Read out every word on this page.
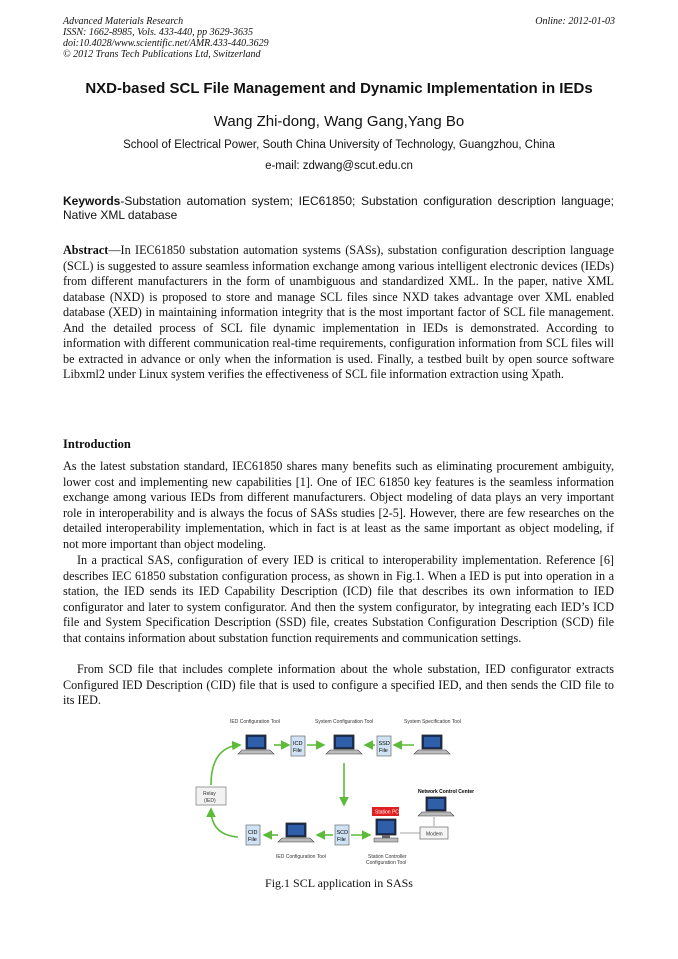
Advanced Materials Research
ISSN: 1662-8985, Vols. 433-440, pp 3629-3635
doi:10.4028/www.scientific.net/AMR.433-440.3629
© 2012 Trans Tech Publications Ltd, Switzerland
Online: 2012-01-03
NXD-based SCL File Management and Dynamic Implementation in IEDs
Wang Zhi-dong, Wang Gang,Yang Bo
School of Electrical Power, South China University of Technology, Guangzhou, China
e-mail: zdwang@scut.edu.cn
Keywords-Substation automation system; IEC61850; Substation configuration description language; Native XML database

Abstract—In IEC61850 substation automation systems (SASs), substation configuration description language (SCL) is suggested to assure seamless information exchange among various intelligent electronic devices (IEDs) from different manufacturers in the form of unambiguous and standardized XML. In the paper, native XML database (NXD) is proposed to store and manage SCL files since NXD takes advantage over XML enabled database (XED) in maintaining information integrity that is the most important factor of SCL file management. And the detailed process of SCL file dynamic implementation in IEDs is demonstrated. According to information with different communication real-time requirements, configuration information from SCL files will be extracted in advance or only when the information is used. Finally, a testbed built by open source software Libxml2 under Linux system verifies the effectiveness of SCL file information extraction using Xpath.

Introduction

As the latest substation standard, IEC61850 shares many benefits such as eliminating procurement ambiguity, lower cost and implementing new capabilities [1]. One of IEC 61850 key features is the seamless information exchange among various IEDs from different manufacturers. Object modeling of data plays an very important role in interoperability and is always the focus of SASs studies [2-5]. However, there are few researches on the detailed interoperability implementation, which in fact is at least as the same important as object modeling, if not more important than object modeling.

In a practical SAS, configuration of every IED is critical to interoperability implementation. Reference [6] describes IEC 61850 substation configuration process, as shown in Fig.1. When a IED is put into operation in a station, the IED sends its IED Capability Description (ICD) file that describes its own information to IED configurator and later to system configurator. And then the system configurator, by integrating each IED’s ICD file and System Specification Description (SSD) file, creates Substation Configuration Description (SCD) file that contains information about substation function requirements and communication settings.

From SCD file that includes complete information about the whole substation, IED configurator extracts Configured IED Description (CID) file that is used to configure a specified IED, and then sends the CID file to its IED.

IED Configuration Tool	System Configuration Tool	System Specification Tool
ICD
File
SSD
File
Relay
(IED)
Network Control Center
Station PC
CID
File
SCD
File
Modem
IED Configuration Tool	Station Controller
Configuration Tool
Fig.1 SCL application in SASs
